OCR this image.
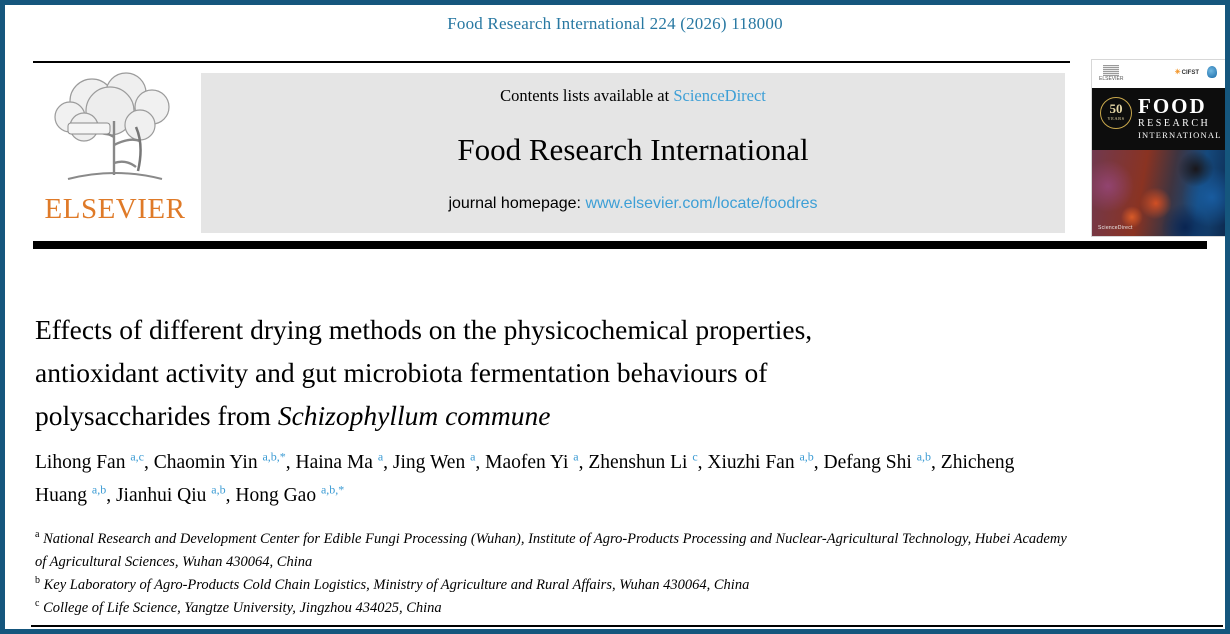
Food Research International 224 (2026) 118000
ELSEVIER
Contents lists available at ScienceDirect
Food Research International
journal homepage: www.elsevier.com/locate/foodres
ELSEVIER
✳ CIFST
50
YEARS
FOOD
RESEARCH
INTERNATIONAL
ScienceDirect
Effects of different drying methods on the physicochemical properties,
antioxidant activity and gut microbiota fermentation behaviours of
polysaccharides from Schizophyllum commune
Lihong Fan $^{a,c}$, Chaomin Yin $^{a,b,*}$, Haina Ma $^a$, Jing Wen $^a$, Maofen Yi $^a$, Zhenshun Li $^c$, Xiuzhi Fan $^{a,b}$, Defang Shi $^{a,b}$, Zhicheng Huang $^{a,b}$, Jianhui Qiu $^{a,b}$, Hong Gao $^{a,b,*}$
$^a$ National Research and Development Center for Edible Fungi Processing (Wuhan), Institute of Agro-Products Processing and Nuclear-Agricultural Technology, Hubei Academy of Agricultural Sciences, Wuhan 430064, China
$^b$ Key Laboratory of Agro-Products Cold Chain Logistics, Ministry of Agriculture and Rural Affairs, Wuhan 430064, China
$^c$ College of Life Science, Yangtze University, Jingzhou 434025, China
